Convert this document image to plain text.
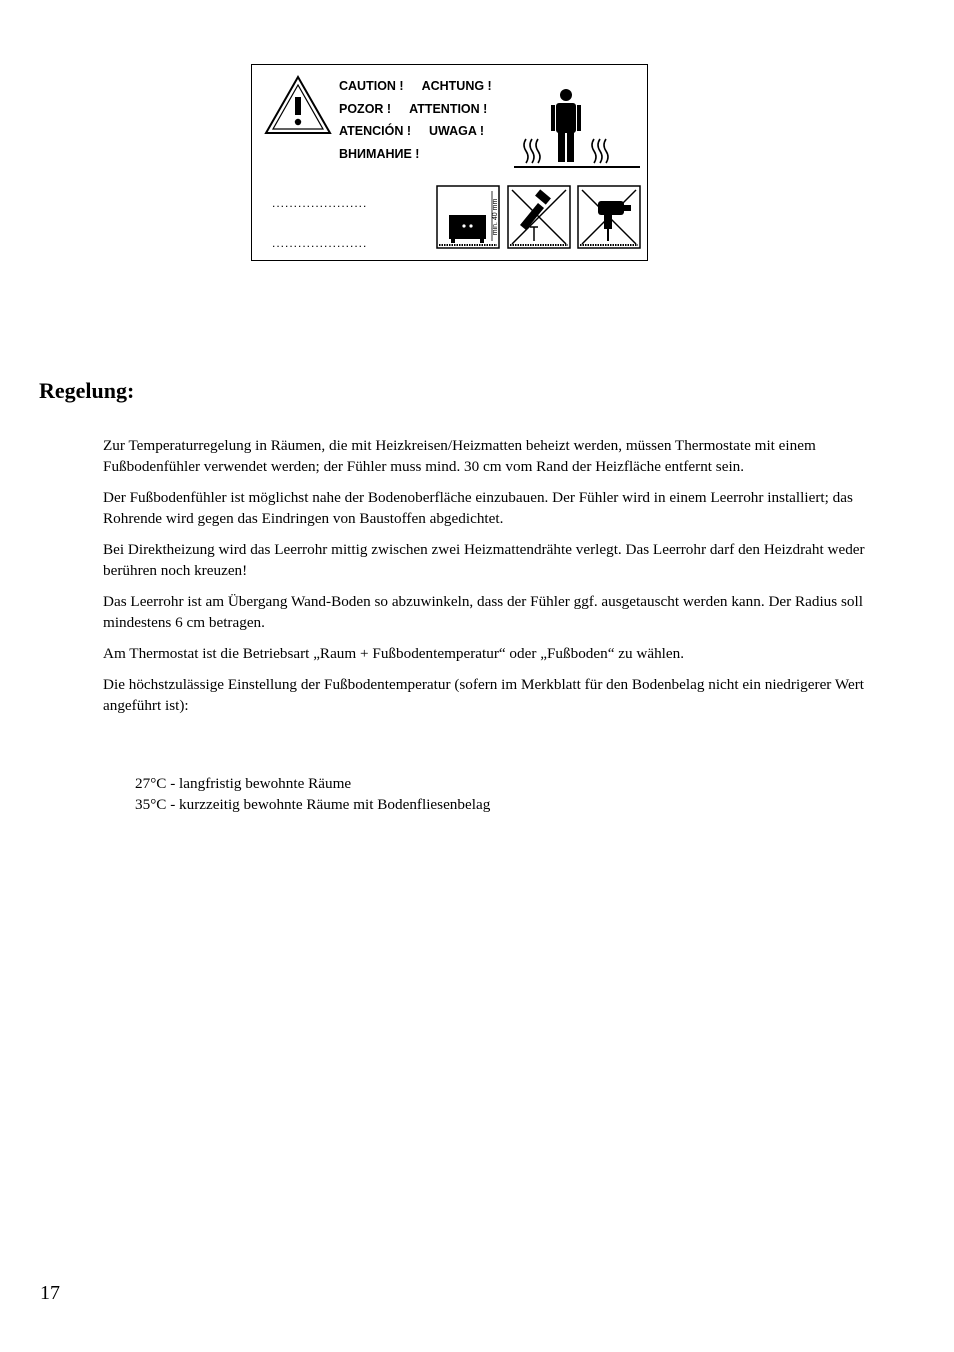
min. 40 mm
CAUTION ! ACHTUNG !
POZOR ! ATTENTION !
ATENCIÓN ! UWAGA !
ВНИМАНИЕ !
......................
......................
Regelung:

Zur Temperaturregelung in Räumen, die mit Heizkreisen/Heizmatten beheizt werden, müssen Thermostate mit einem Fußbodenfühler verwendet werden; der Fühler muss mind. 30 cm vom Rand der Heizfläche entfernt sein.

Der Fußbodenfühler ist möglichst nahe der Bodenoberfläche einzubauen. Der Fühler wird in einem Leerrohr installiert; das Rohrende wird gegen das Eindringen von Baustoffen abgedichtet.

Bei Direktheizung wird das Leerrohr mittig zwischen zwei Heizmattendrähte verlegt. Das Leerrohr darf den Heizdraht weder berühren noch kreuzen!

Das Leerrohr ist am Übergang Wand-Boden so abzuwinkeln, dass der Fühler ggf. ausgetauscht werden kann. Der Radius soll mindestens 6 cm betragen.

Am Thermostat ist die Betriebsart „Raum + Fußbodentemperatur“ oder „Fußboden“ zu wählen.

Die höchstzulässige Einstellung der Fußbodentemperatur (sofern im Merkblatt für den Bodenbelag nicht ein niedrigerer Wert angeführt ist):

27°C - langfristig bewohnte Räume
35°C - kurzzeitig bewohnte Räume mit Bodenfliesenbelag
17
